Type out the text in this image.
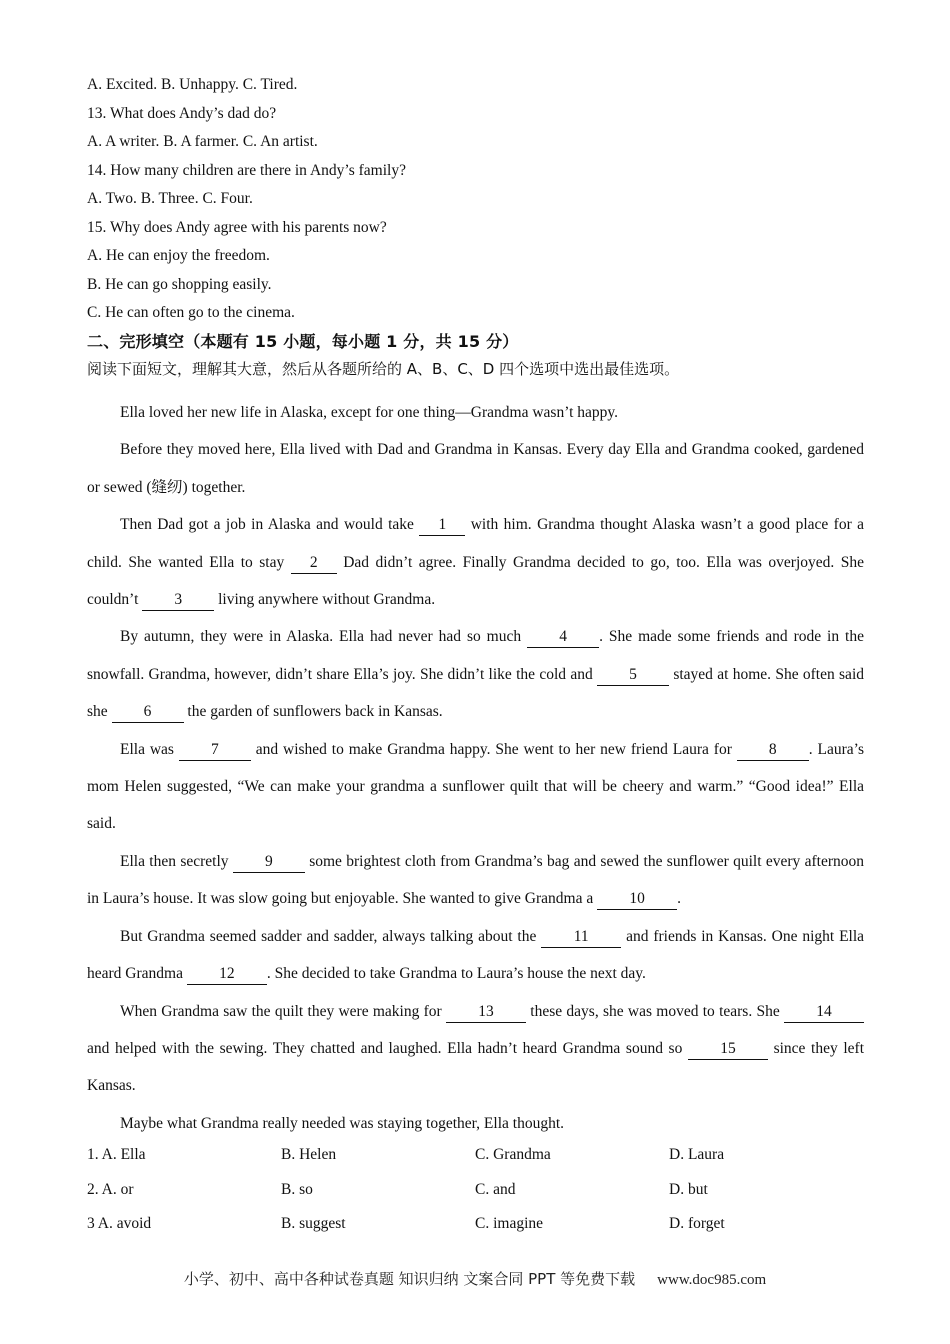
A. Excited. B. Unhappy. C. Tired.
13. What does Andy’s dad do?
A. A writer. B. A farmer. C. An artist.
14. How many children are there in Andy’s family?
A. Two. B. Three. C. Four.
15. Why does Andy agree with his parents now?
A. He can enjoy the freedom.
B. He can go shopping easily.
C. He can often go to the cinema.
二、完形填空（本题有 15 小题，每小题 1 分，共 15 分）
阅读下面短文，理解其大意，然后从各题所给的 A、B、C、D 四个选项中选出最佳选项。

Ella loved her new life in Alaska, except for one thing—Grandma wasn’t happy.

Before they moved here, Ella lived with Dad and Grandma in Kansas. Every day Ella and Grandma cooked, gardened or sewed (缝纫) together.

Then Dad got a job in Alaska and would take 1 with him. Grandma thought Alaska wasn’t a good place for a child. She wanted Ella to stay 2 Dad didn’t agree. Finally Grandma decided to go, too. Ella was overjoyed. She couldn’t 3 living anywhere without Grandma.

By autumn, they were in Alaska. Ella had never had so much 4 . She made some friends and rode in the snowfall. Grandma, however, didn’t share Ella’s joy. She didn’t like the cold and 5 stayed at home. She often said she 6 the garden of sunflowers back in Kansas.

Ella was 7 and wished to make Grandma happy. She went to her new friend Laura for 8 . Laura’s mom Helen suggested, “We can make your grandma a sunflower quilt that will be cheery and warm.” “Good idea!” Ella said.

Ella then secretly 9 some brightest cloth from Grandma’s bag and sewed the sunflower quilt every afternoon in Laura’s house. It was slow going but enjoyable. She wanted to give Grandma a 10 .

But Grandma seemed sadder and sadder, always talking about the 11 and friends in Kansas. One night Ella heard Grandma 12 . She decided to take Grandma to Laura’s house the next day.

When Grandma saw the quilt they were making for 13 these days, she was moved to tears. She 14 and helped with the sewing. They chatted and laughed. Ella hadn’t heard Grandma sound so 15 since they left Kansas.

Maybe what Grandma really needed was staying together, Ella thought.

1. A. Ella	B. Helen	C. Grandma	D. Laura
2. A. or	B. so	C. and	D. but
3 A. avoid	B. suggest	C. imagine	D. forget
小学、初中、高中各种试卷真题 知识归纳 文案合同 PPT 等免费下载 www.doc985.com
